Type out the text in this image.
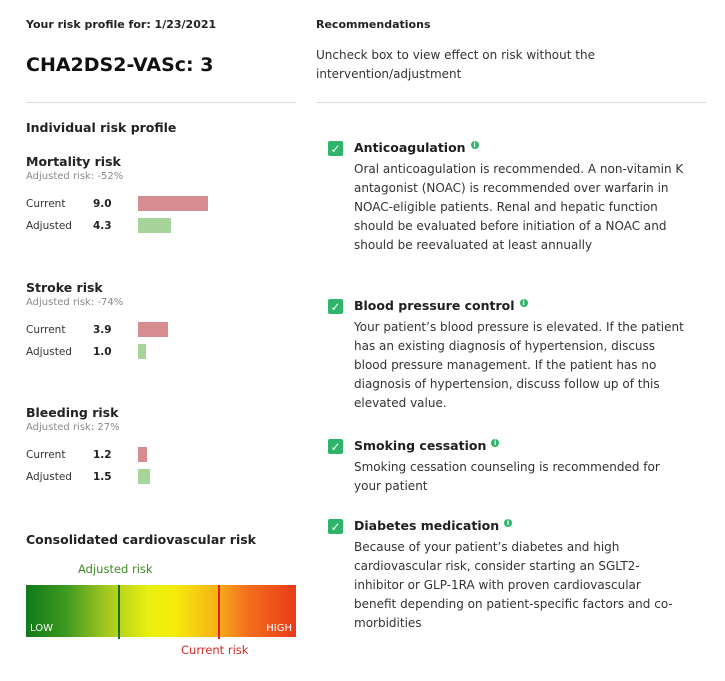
Your risk profile for: 1/23/2021
CHA2DS2-VASc: 3
Individual risk profile
Mortality risk
Adjusted risk: -52%
Current	9.0
Adjusted 4.3
Stroke risk
Adjusted risk: -74%
Current	3.9
Adjusted 1.0
Bleeding risk
Adjusted risk: 27%
Current	1.2
Adjusted 1.5
Consolidated cardiovascular risk
Adjusted risk
LOW	HIGH
Current risk
Recommendations
Uncheck box to view effect on risk without the intervention/adjustment
✓ Anticoagulation i
Oral anticoagulation is recommended. A non-vitamin K antagonist (NOAC) is recommended over warfarin in NOAC-eligible patients. Renal and hepatic function should be evaluated before initiation of a NOAC and should be reevaluated at least annually
✓ Blood pressure control i
Your patient’s blood pressure is elevated. If the patient has an existing diagnosis of hypertension, discuss blood pressure management. If the patient has no diagnosis of hypertension, discuss follow up of this elevated value.
✓ Smoking cessation i
Smoking cessation counseling is recommended for your patient
✓ Diabetes medication i
Because of your patient’s diabetes and high cardiovascular risk, consider starting an SGLT2-inhibitor or GLP-1RA with proven cardiovascular benefit depending on patient-specific factors and co-morbidities
